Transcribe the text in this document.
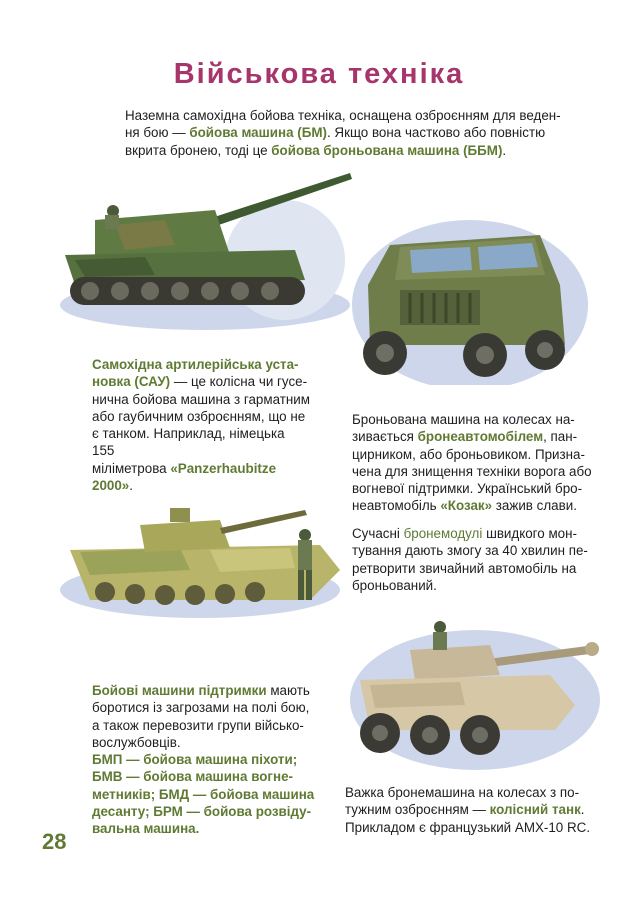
Військова техніка
Наземна самохідна бойова техніка, оснащена озброєнням для веден-
ня бою — бойова машина (БМ). Якщо вона частково або повністю
вкрита бронею, тоді це бойова броньована машина (ББМ).
Самохідна артилерійська уста-
новка (САУ) — це колісна чи гусе-
нична бойова машина з гарматним
або гаубичним озброєнням, що не
є танком. Наприклад, німецька 155
міліметрова «Panzerhaubitze 2000».
Броньована машина на колесах на-
зивається бронеавтомобілем, пан-
цирником, або броньовиком. Призна-
чена для знищення техніки ворога або
вогневої підтримки. Український бро-
неавтомобіль «Козак» зажив слави.
Сучасні бронемодулі швидкого мон-
тування дають змогу за 40 хвилин пе-
ретворити звичайний автомобіль на
броньований.
Бойові машини підтримки мають
боротися із загрозами на полі бою,
а також перевозити групи військо-
вослужбовців.
БМП — бойова машина піхоти;
БМВ — бойова машина вогне-
метників; БМД — бойова машина
десанту; БРМ — бойова розвіду-
вальна машина.
Важка бронемашина на колесах з по-
тужним озброєнням — колісний танк.
Прикладом є французький АМХ-10 RC.
28
